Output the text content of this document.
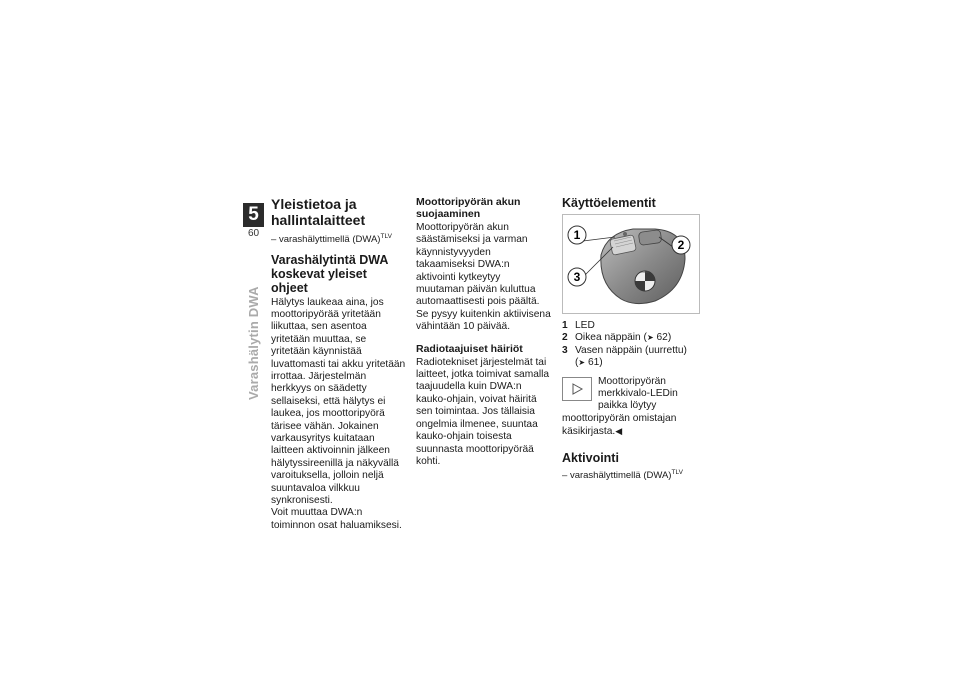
5
60
Varashälytin DWA
Yleistietoa ja hallintalaitteet
– varashälyttimellä (DWA)$^{TLV}$
Varashälytintä DWA koskevat yleiset ohjeet

Hälytys laukeaa aina, jos moottoripyörää yritetään liikuttaa, sen asentoa yritetään muuttaa, se yritetään käynnistää luvattomasti tai akku yritetään irrottaa. Järjestelmän herkkyys on säädetty sellaiseksi, että hälytys ei laukea, jos moottoripyörä tärisee vähän. Jokainen varkausyritys kuitataan laitteen aktivoinnin jälkeen hälytyssireenillä ja näkyvällä varoituksella, jolloin neljä suuntavaloa vilkkuu synkronisesti.

Voit muuttaa DWA:n toiminnon osat haluamiksesi.

Moottoripyörän akun suojaaminen

Moottoripyörän akun säästämiseksi ja varman käynnistyvyyden takaamiseksi DWA:n aktivointi kytkeytyy muutaman päivän kuluttua automaattisesti pois päältä. Se pysyy kuitenkin aktiivisena vähintään 10 päivää.

Radiotaajuiset häiriöt

Radiotekniset järjestelmät tai laitteet, jotka toimivat samalla taajuudella kuin DWA:n kauko-ohjain, voivat häiritä sen toimintaa. Jos tällaisia ongelmia ilmenee, suuntaa kauko-ohjain toisesta suunnasta moottoripyörää kohti.

Käyttöelementit
1
2
3	BMW
1 LED
2 Oikea näppäin (➤ 62)
3 Vasen näppäin (uurrettu)
(➤ 61)
Moottoripyörän merkkivalo-LEDin paikka löytyy moottoripyörän omistajan käsikirjasta.◀
Aktivointi
– varashälyttimellä (DWA)$^{TLV}$
